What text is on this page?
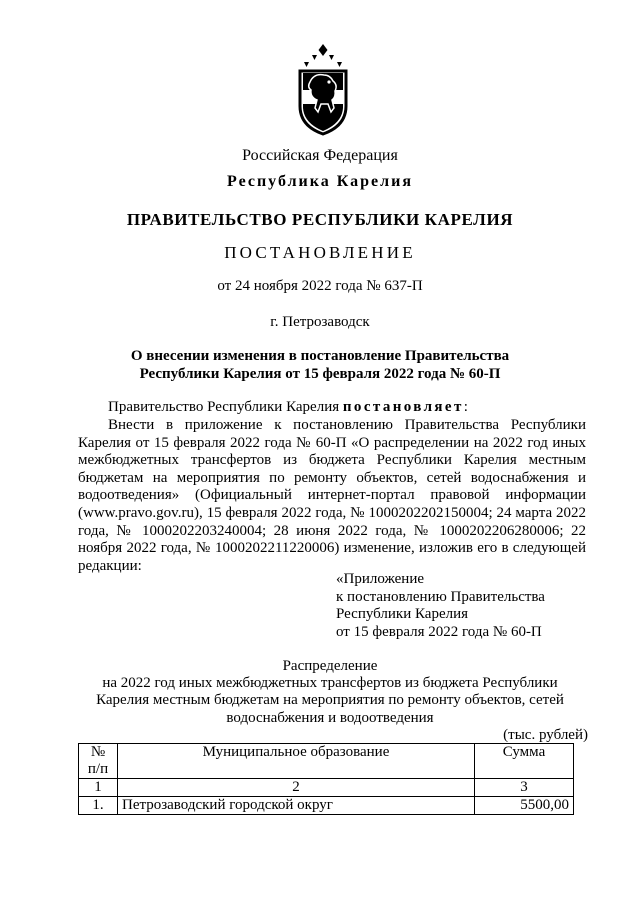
Российская Федерация
Республика Карелия
ПРАВИТЕЛЬСТВО РЕСПУБЛИКИ КАРЕЛИЯ
ПОСТАНОВЛЕНИЕ
от 24 ноября 2022 года № 637-П
г. Петрозаводск
О внесении изменения в постановление Правительства
Республики Карелия от 15 февраля 2022 года № 60-П
Правительство Республики Карелия постановляет:
Внести в приложение к постановлению Правительства Республики Карелия от 15 февраля 2022 года № 60-П «О распределении на 2022 год иных межбюджетных трансфертов из бюджета Республики Карелия местным бюджетам на мероприятия по ремонту объектов, сетей водоснабжения и водоотведения» (Официальный интернет-портал правовой информации (www.pravo.gov.ru), 15 февраля 2022 года, № 1000202202150004; 24 марта 2022 года, № 1000202203240004; 28 июня 2022 года, № 1000202206280006; 22 ноября 2022 года, № 1000202211220006) изменение, изложив его в следующей редакции:
«Приложение
к постановлению Правительства
Республики Карелия
от 15 февраля 2022 года № 60-П
Распределение
на 2022 год иных межбюджетных трансфертов из бюджета Республики
Карелия местным бюджетам на мероприятия по ремонту объектов, сетей
водоснабжения и водоотведения
(тыс. рублей)
№
п/п	Муниципальное образование	Сумма
1	2	3
1.	Петрозаводский городской округ	5500,00
